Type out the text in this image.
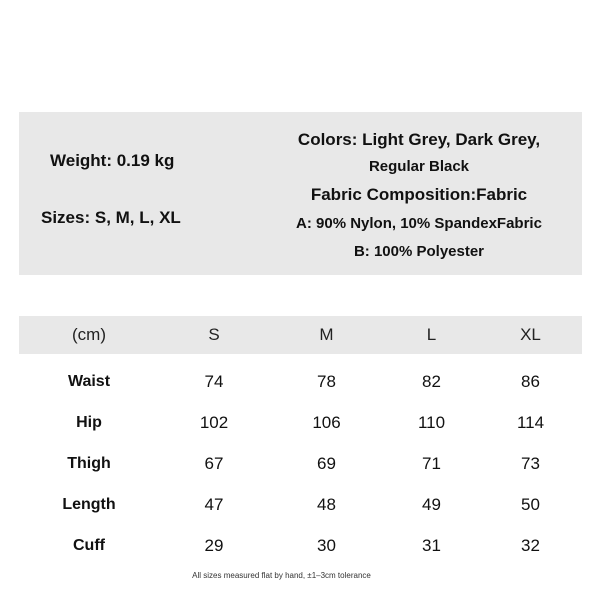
Weight: 0.19 kg
Sizes: S, M, L, XL
Colors: Light Grey, Dark Grey,
Regular Black
Fabric Composition:Fabric
A: 90% Nylon, 10% SpandexFabric
B: 100% Polyester
(cm)	S	M	L	XL
Waist	74	78	82	86
Hip	102	106	110	114
Thigh	67	69	71	73
Length	47	48	49	50
Cuff	29	30	31	32
All sizes measured flat by hand, ±1–3cm tolerance
